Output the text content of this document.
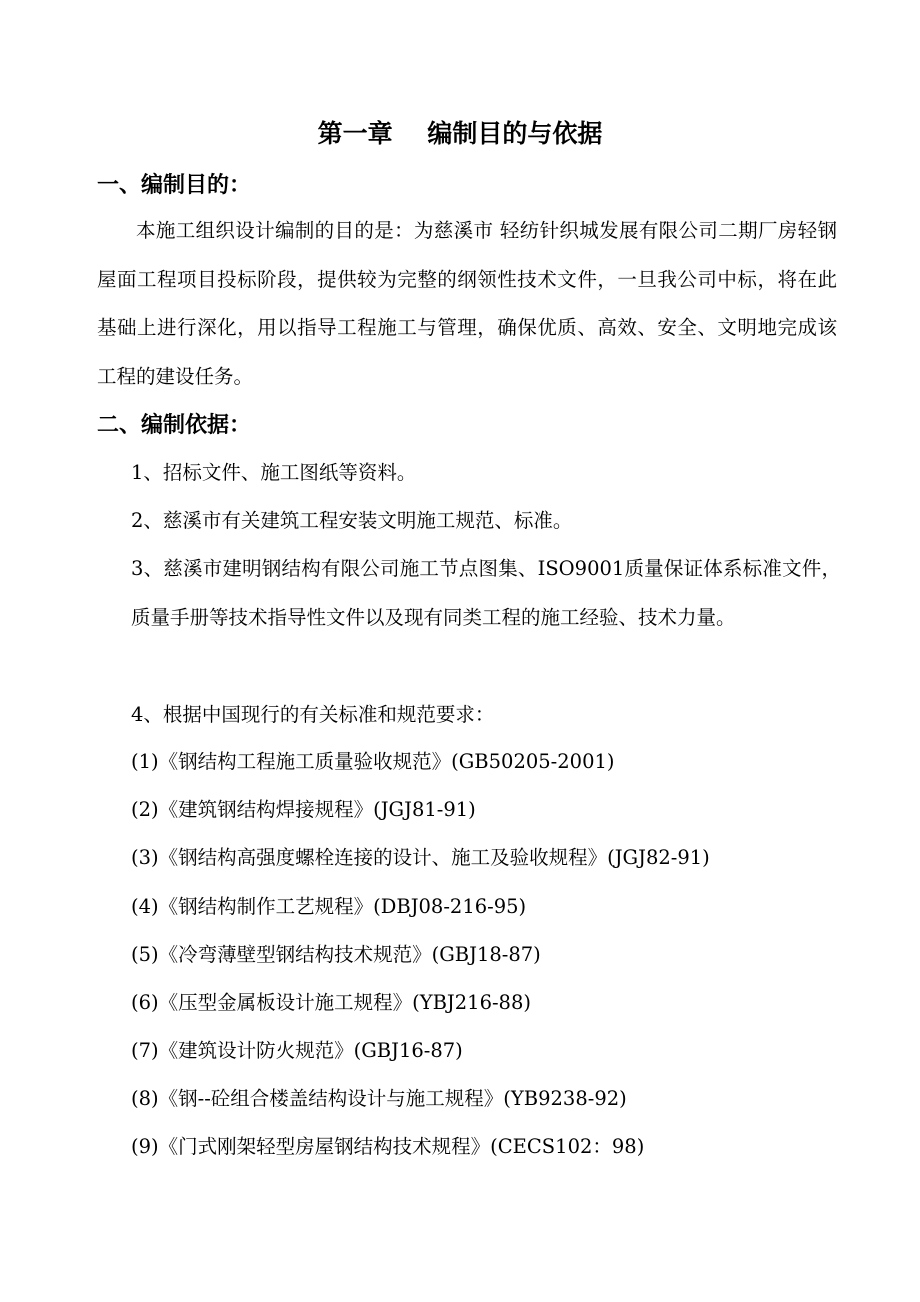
第一章    编制目的与依据
一、编制目的：

本施工组织设计编制的目的是：为慈溪市 轻纺针织城发展有限公司二期厂房轻钢屋面工程项目投标阶段，提供较为完整的纲领性技术文件，一旦我公司中标，将在此基础上进行深化，用以指导工程施工与管理，确保优质、高效、安全、文明地完成该工程的建设任务。

二、编制依据：

1、招标文件、施工图纸等资料。

2、慈溪市有关建筑工程安装文明施工规范、标准。

3、慈溪市建明钢结构有限公司施工节点图集、ISO9001质量保证体系标准文件，质量手册等技术指导性文件以及现有同类工程的施工经验、技术力量。

4、根据中国现行的有关标准和规范要求：

(1)《钢结构工程施工质量验收规范》(GB50205-2001)

(2)《建筑钢结构焊接规程》(JGJ81-91)

(3)《钢结构高强度螺栓连接的设计、施工及验收规程》(JGJ82-91)

(4)《钢结构制作工艺规程》(DBJ08-216-95)

(5)《冷弯薄壁型钢结构技术规范》(GBJ18-87)

(6)《压型金属板设计施工规程》(YBJ216-88)

(7)《建筑设计防火规范》(GBJ16-87)

(8)《钢--砼组合楼盖结构设计与施工规程》(YB9238-92)

(9)《门式刚架轻型房屋钢结构技术规程》(CECS102：98)
